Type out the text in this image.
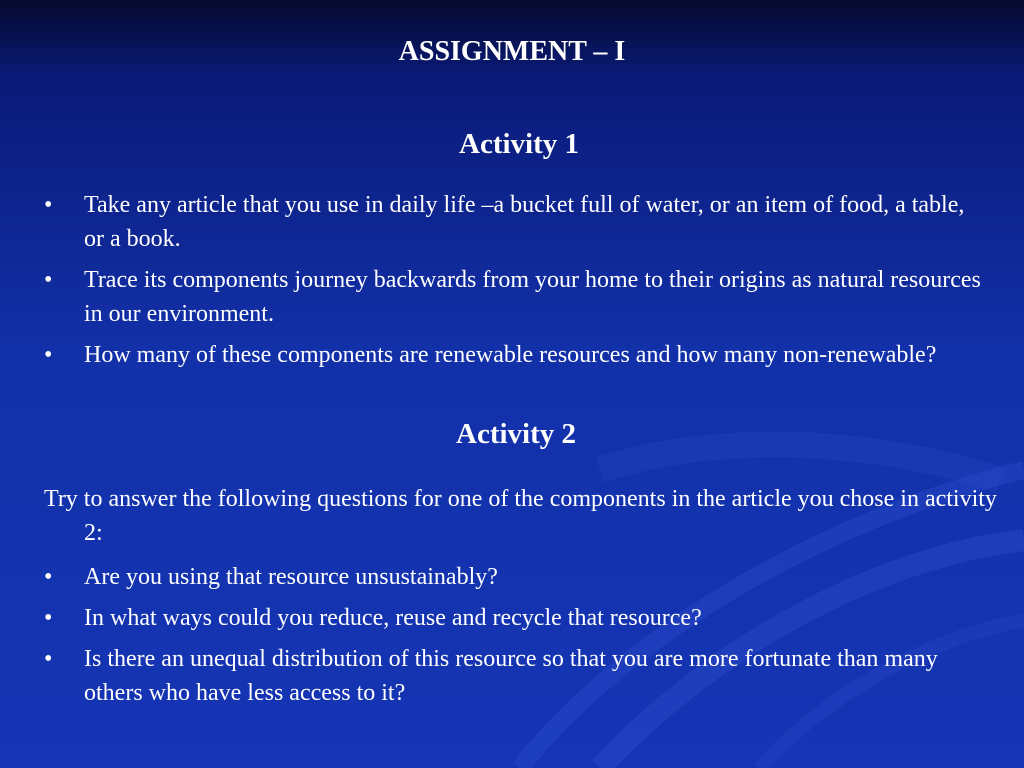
ASSIGNMENT – I
Activity 1
• Take any article that you use in daily life –a bucket full of water, or an item of food, a table, or a book.
• Trace its components journey backwards from your home to their origins as natural resources in our environment.
• How many of these components are renewable resources and how many non-renewable?
Activity 2
Try to answer the following questions for one of the components in the article you chose in activity 2:
• Are you using that resource unsustainably?
• In what ways could you reduce, reuse and recycle that resource?
• Is there an unequal distribution of this resource so that you are more fortunate than many others who have less access to it?
